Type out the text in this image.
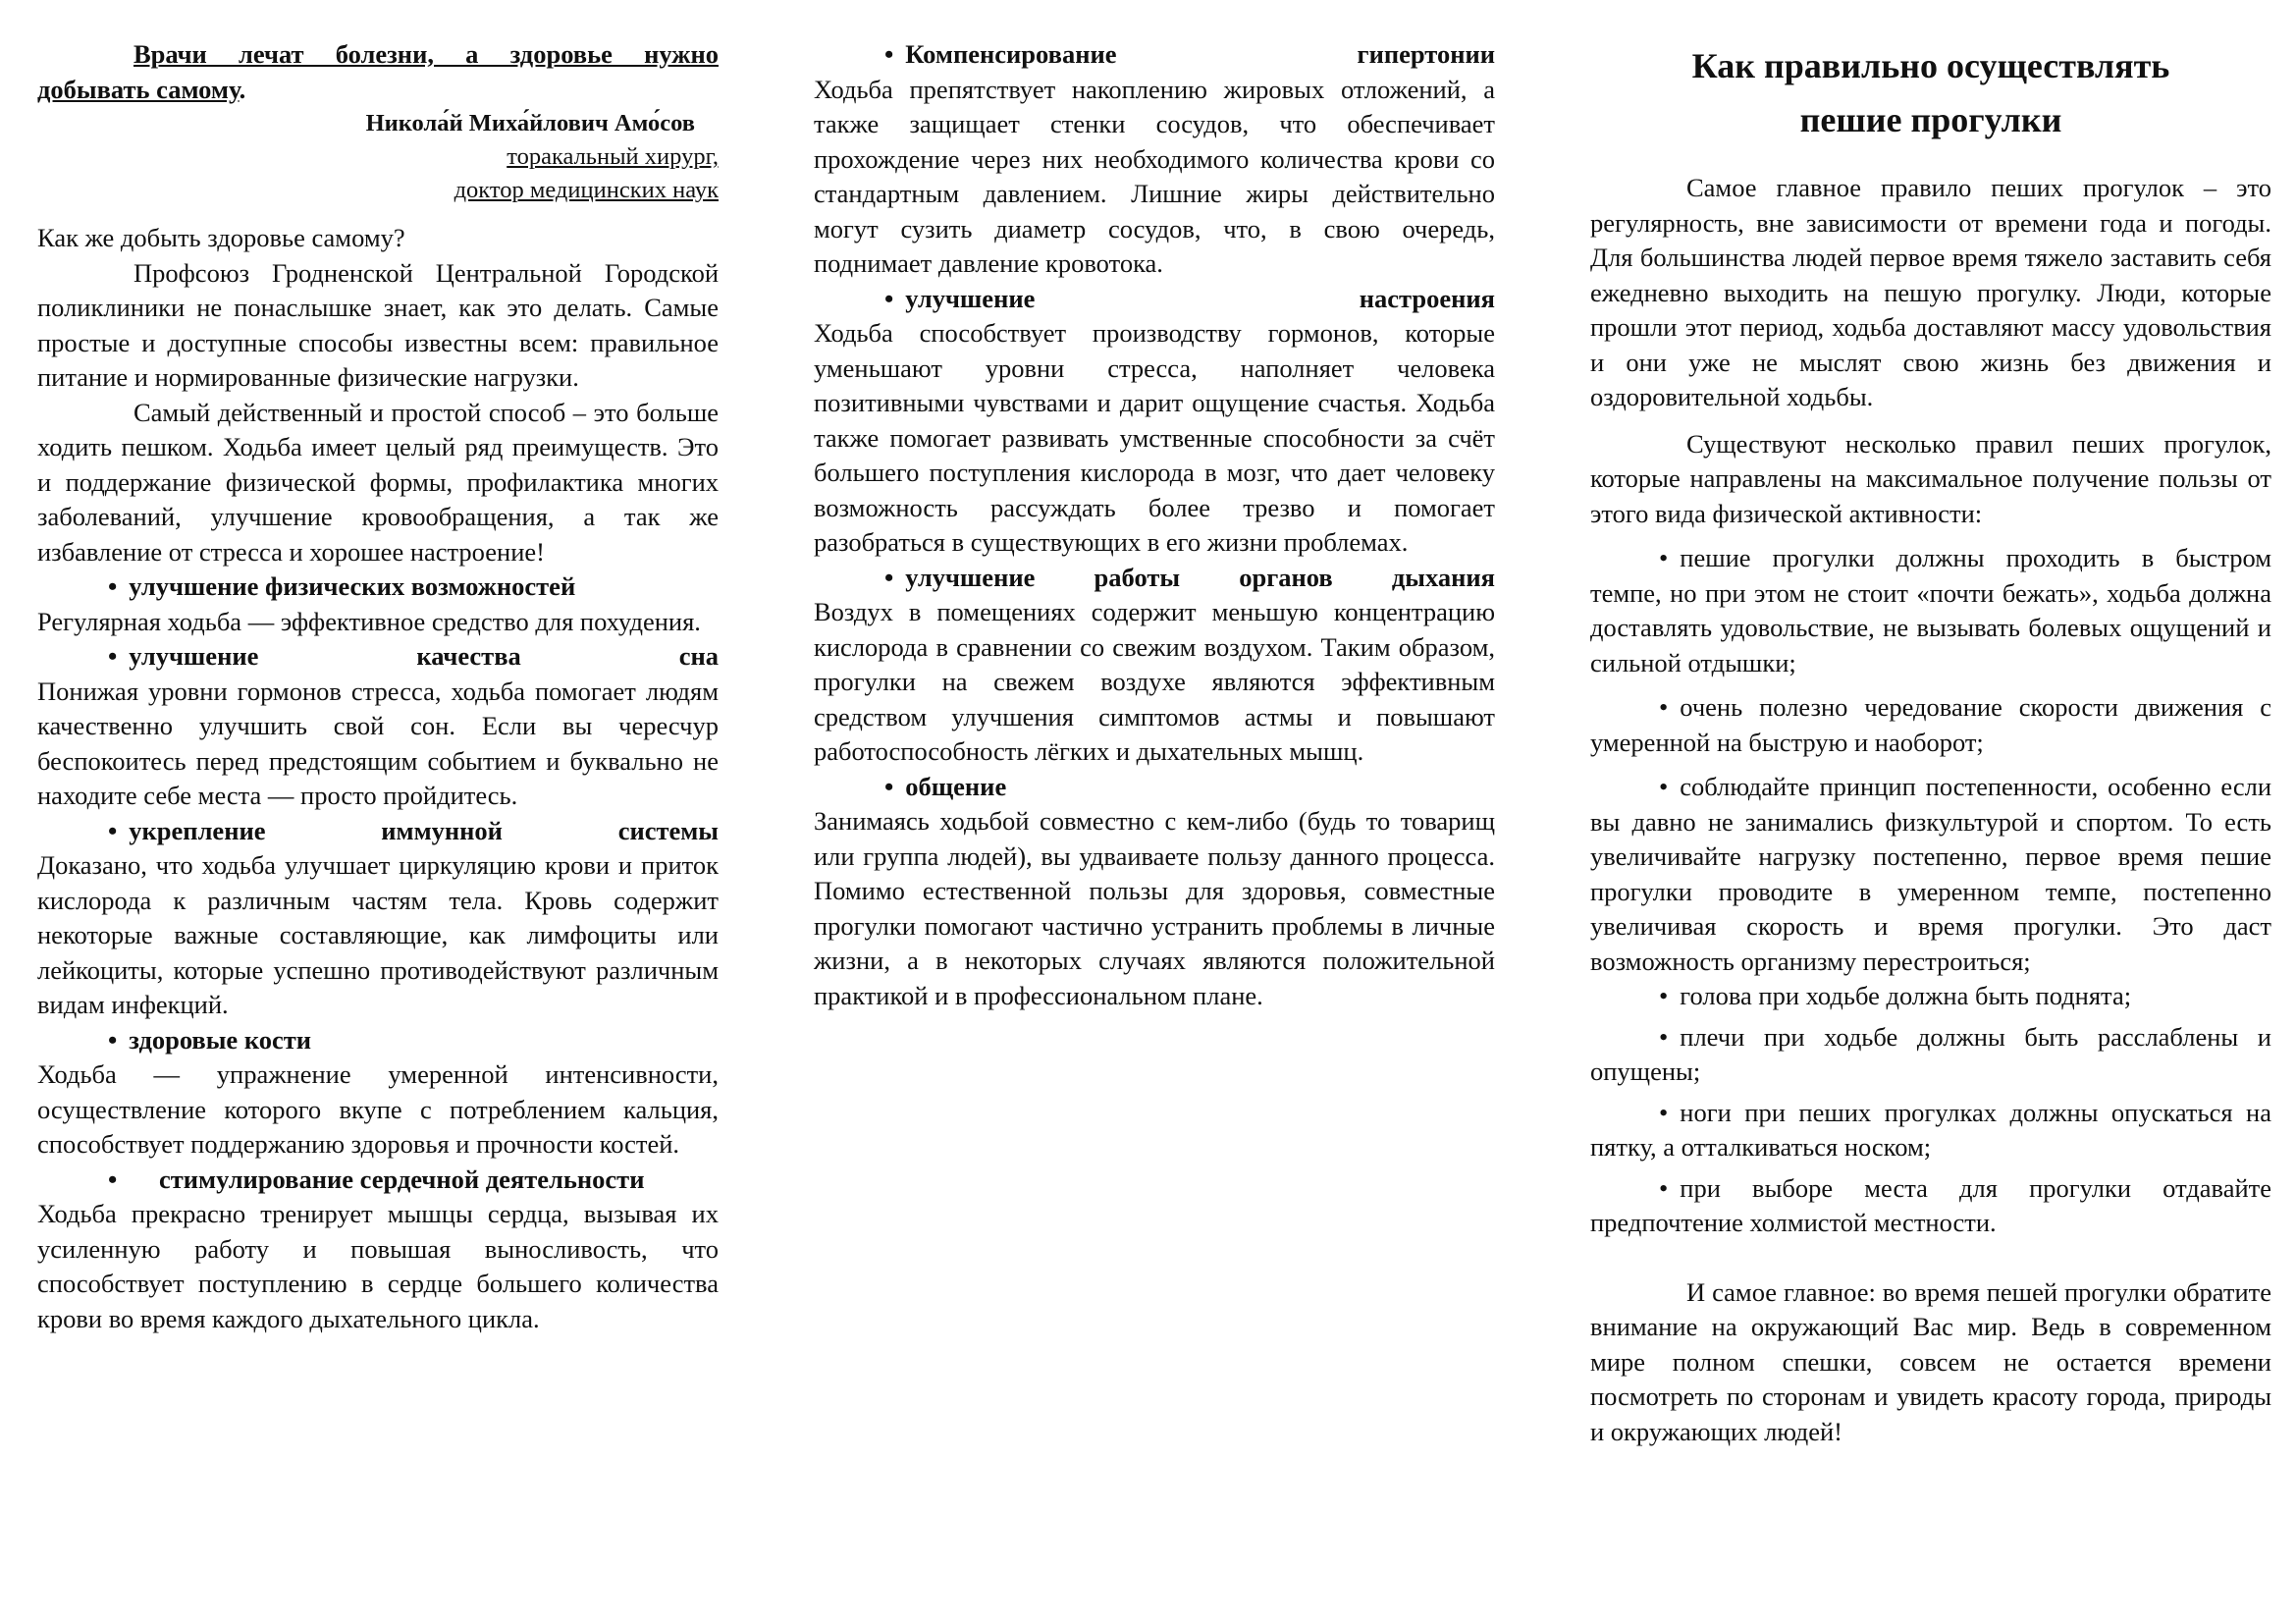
Врачи лечат болезни, а здоровье нужно

добывать самому.

Никола́й Миха́йлович Амо́сов

торакальный хирург,

доктор медицинских наук

Как же добыть здоровье самому?

Профсоюз Гродненской Центральной Городской поликлиники не понаслышке знает, как это делать. Самые простые и доступные способы известны всем: правильное питание и нормированные физические нагрузки.

Самый действенный и простой способ – это больше ходить пешком. Ходьба имеет целый ряд преимуществ. Это и поддержание физической формы, профилактика многих заболеваний, улучшение кровообращения, а так же избавление от стресса и хорошее настроение!

• улучшение физических возможностей

Регулярная ходьба — эффективное средство для похудения.

• улучшение качества сна

Понижая уровни гормонов стресса, ходьба помогает людям качественно улучшить свой сон. Если вы чересчур беспокоитесь перед предстоящим событием и буквально не находите себе места — просто пройдитесь.

• укрепление иммунной системы

Доказано, что ходьба улучшает циркуляцию крови и приток кислорода к различным частям тела. Кровь содержит некоторые важные составляющие, как лимфоциты или лейкоциты, которые успешно противодействуют различным видам инфекций.

• здоровые кости

Ходьба — упражнение умеренной интенсивности, осуществление которого вкупе с потреблением кальция, способствует поддержанию здоровья и прочности костей.

•	стимулирование сердечной деятельности

Ходьба прекрасно тренирует мышцы сердца, вызывая их усиленную работу и повышая выносливость, что способствует поступлению в сердце большего количества крови во время каждого дыхательного цикла.

• Компенсирование гипертонии

Ходьба препятствует накоплению жировых отложений, а также защищает стенки сосудов, что обеспечивает прохождение через них необходимого количества крови со стандартным давлением. Лишние жиры действительно могут сузить диаметр сосудов, что, в свою очередь, поднимает давление кровотока.

• улучшение настроения

Ходьба способствует производству гормонов, которые уменьшают уровни стресса, наполняет человека позитивными чувствами и дарит ощущение счастья. Ходьба также помогает развивать умственные способности за счёт большего поступления кислорода в мозг, что дает человеку возможность рассуждать более трезво и помогает разобраться в существующих в его жизни проблемах.

• улучшение работы органов дыхания

Воздух в помещениях содержит меньшую концентрацию кислорода в сравнении со свежим воздухом. Таким образом, прогулки на свежем воздухе являются эффективным средством улучшения симптомов астмы и повышают работоспособность лёгких и дыхательных мышц.

• общение

Занимаясь ходьбой совместно с кем-либо (будь то товарищ или группа людей), вы удваиваете пользу данного процесса. Помимо естественной пользы для здоровья, совместные прогулки помогают частично устранить проблемы в личные жизни, а в некоторых случаях являются положительной практикой и в профессиональном плане.

Как правильно осуществлять
пешие прогулки

Самое главное правило пеших прогулок – это регулярность, вне зависимости от времени года и погоды. Для большинства людей первое время тяжело заставить себя ежедневно выходить на пешую прогулку. Люди, которые прошли этот период, ходьба доставляют массу удовольствия и они уже не мыслят свою жизнь без движения и оздоровительной ходьбы.

Существуют несколько правил пеших прогулок, которые направлены на максимальное получение пользы от этого вида физической активности:

• пешие прогулки должны проходить в быстром темпе, но при этом не стоит «почти бежать», ходьба должна доставлять удовольствие, не вызывать болевых ощущений и сильной отдышки;

• очень полезно чередование скорости движения с умеренной на быструю и наоборот;

• соблюдайте принцип постепенности, особенно если вы давно не занимались физкультурой и спортом. То есть увеличивайте нагрузку постепенно, первое время пешие прогулки проводите в умеренном темпе, постепенно увеличивая скорость и время прогулки. Это даст возможность организму перестроиться;

• голова при ходьбе должна быть поднята;

• плечи при ходьбе должны быть расслаблены и опущены;

• ноги при пеших прогулках должны опускаться на пятку, а отталкиваться носком;

• при выборе места для прогулки отдавайте предпочтение холмистой местности.

И самое главное: во время пешей прогулки обратите внимание на окружающий Вас мир. Ведь в современном мире полном спешки, совсем не остается времени посмотреть по сторонам и увидеть красоту города, природы и окружающих людей!
